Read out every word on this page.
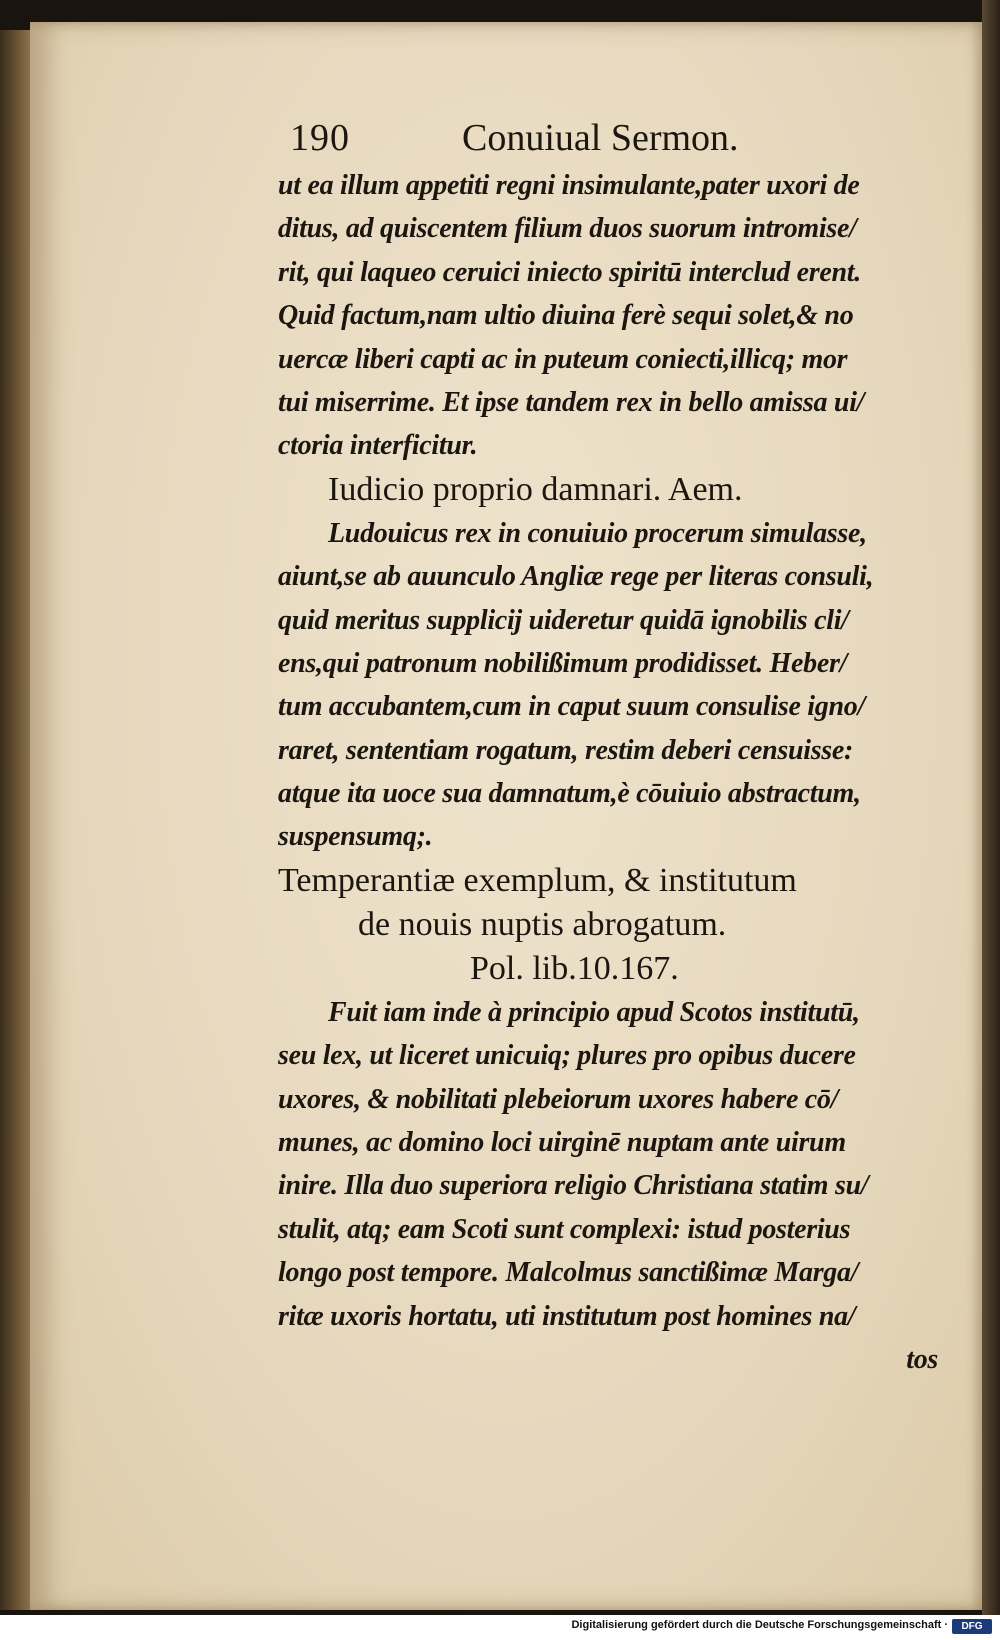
190	Conuiual Sermon.
ut ea illum appetiti regni insimulante,pater uxori de
ditus, ad quiscentem filium duos suorum intromise/
rit, qui laqueo ceruici iniecto spiritū interclud erent.
Quid factum,nam ultio diuina ferè sequi solet,& no
uercæ liberi capti ac in puteum coniecti,illicq; mor
tui miserrime. Et ipse tandem rex in bello amissa ui/
ctoria interficitur.
Iudicio proprio damnari. Aem.
Ludouicus rex in conuiuio procerum simulasse,
aiunt,se ab auunculo Angliæ rege per literas consuli,
quid meritus supplicij uideretur quidā ignobilis cli/
ens,qui patronum nobilißimum prodidisset. Heber/
tum accubantem,cum in caput suum consulise igno/
raret, sententiam rogatum, restim deberi censuisse:
atque ita uoce sua damnatum,è cōuiuio abstractum,
suspensumq;.
Temperantiæ exemplum, & institutum
de nouis nuptis abrogatum.
Pol. lib.10.167.
Fuit iam inde à principio apud Scotos institutū,
seu lex, ut liceret unicuiq; plures pro opibus ducere
uxores, & nobilitati plebeiorum uxores habere cō/
munes, ac domino loci uirginē nuptam ante uirum
inire. Illa duo superiora religio Christiana statim su/
stulit, atq; eam Scoti sunt complexi: istud posterius
longo post tempore. Malcolmus sanctißimæ Marga/
ritæ uxoris hortatu, uti institutum post homines na/
tos
Digitalisierung gefördert durch die Deutsche Forschungsgemeinschaft ·	DFG
